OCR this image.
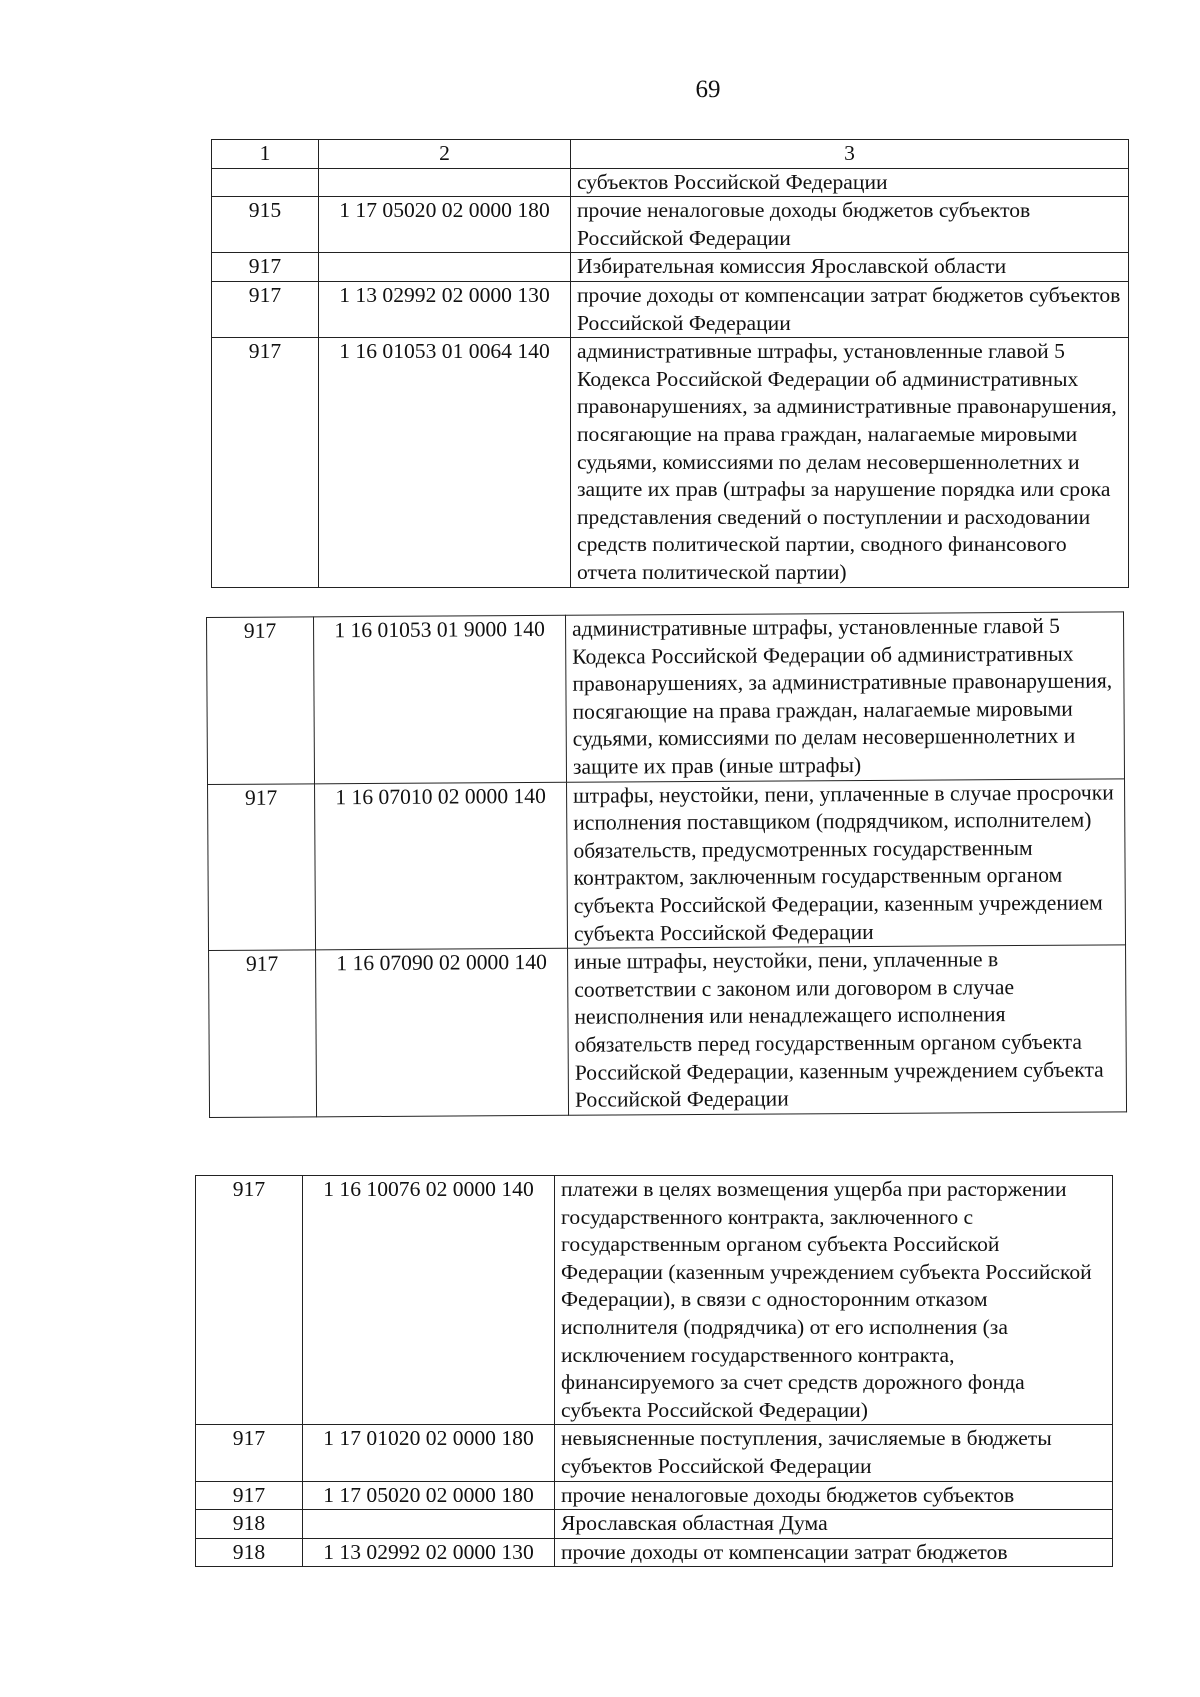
69
1	2	3
		субъектов Российской Федерации
915	1 17 05020 02 0000 180	прочие неналоговые доходы бюджетов субъектов Российской Федерации
917		Избирательная комиссия Ярославской области
917	1 13 02992 02 0000 130	прочие доходы от компенсации затрат бюджетов субъектов Российской Федерации
917	1 16 01053 01 0064 140	административные штрафы, установленные главой 5 Кодекса Российской Федерации об административных правонарушениях, за административные правонарушения, посягающие на права граждан, налагаемые мировыми судьями, комиссиями по делам несовершеннолетних и защите их прав (штрафы за нарушение порядка или срока представления сведений о поступлении и расходовании средств политической партии, сводного финансового отчета политической партии)
917	1 16 01053 01 9000 140	административные штрафы, установленные главой 5 Кодекса Российской Федерации об административных правонарушениях, за административные правонарушения, посягающие на права граждан, налагаемые мировыми судьями, комиссиями по делам несовершеннолетних и защите их прав (иные штрафы)
917	1 16 07010 02 0000 140	штрафы, неустойки, пени, уплаченные в случае просрочки исполнения поставщиком (подрядчиком, исполнителем) обязательств, предусмотренных государственным контрактом, заключенным государственным органом субъекта Российской Федерации, казенным учреждением субъекта Российской Федерации
917	1 16 07090 02 0000 140	иные штрафы, неустойки, пени, уплаченные в соответствии с законом или договором в случае неисполнения или ненадлежащего исполнения обязательств перед государственным органом субъекта Российской Федерации, казенным учреждением субъекта Российской Федерации
917	1 16 10076 02 0000 140	платежи в целях возмещения ущерба при расторжении государственного контракта, заключенного с государственным органом субъекта Российской Федерации (казенным учреждением субъекта Российской Федерации), в связи с односторонним отказом исполнителя (подрядчика) от его исполнения (за исключением государственного контракта, финансируемого за счет средств дорожного фонда субъекта Российской Федерации)
917	1 17 01020 02 0000 180	невыясненные поступления, зачисляемые в бюджеты субъектов Российской Федерации
917	1 17 05020 02 0000 180	прочие неналоговые доходы бюджетов субъектов
918		Ярославская областная Дума
918	1 13 02992 02 0000 130	прочие доходы от компенсации затрат бюджетов
